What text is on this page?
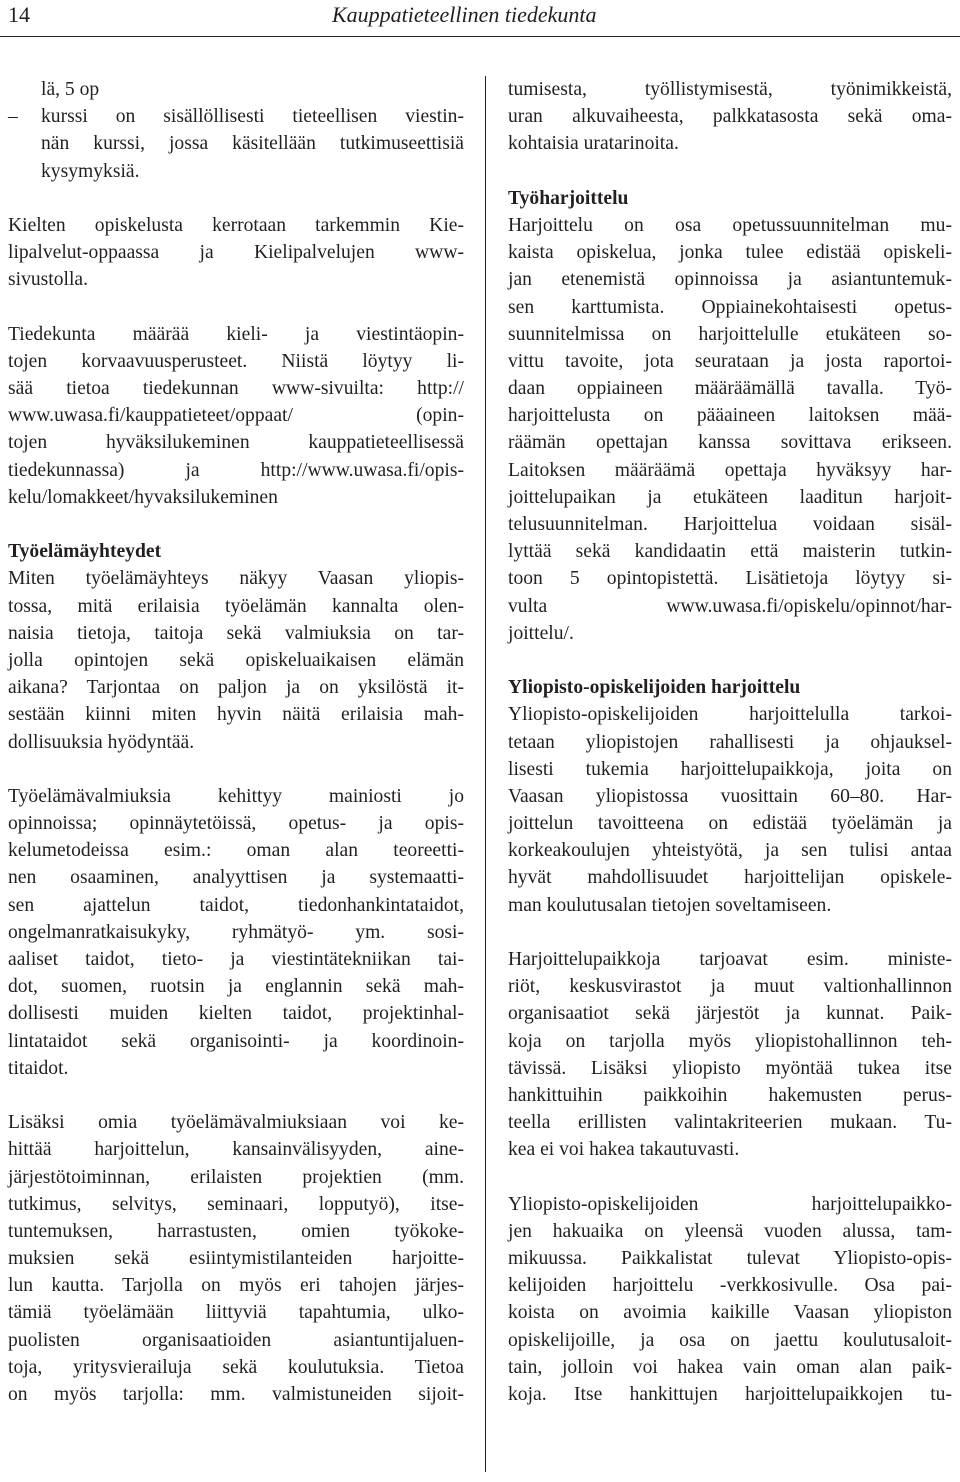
14	Kauppatieteellinen tiedekunta
lä, 5 op
– kurssi on sisällöllisesti tieteellisen viestin-
nän kurssi, jossa käsitellään tutkimuseettisiä
kysymyksiä.
Kielten opiskelusta kerrotaan tarkemmin Kie-
lipalvelut-oppaassa ja Kielipalvelujen www-
sivustolla.
Tiedekunta määrää kieli- ja viestintäopin-
tojen korvaavuusperusteet. Niistä löytyy li-
sää tietoa tiedekunnan www-sivuilta: http://
www.uwasa.fi/kauppatieteet/oppaat/ (opin-
tojen hyväksilukeminen kauppatieteellisessä
tiedekunnassa) ja http://www.uwasa.fi/opis-
kelu/lomakkeet/hyvaksilukeminen
Työelämäyhteydet
Miten työelämäyhteys näkyy Vaasan yliopis-
tossa, mitä erilaisia työelämän kannalta olen-
naisia tietoja, taitoja sekä valmiuksia on tar-
jolla opintojen sekä opiskeluaikaisen elämän
aikana? Tarjontaa on paljon ja on yksilöstä it-
sestään kiinni miten hyvin näitä erilaisia mah-
dollisuuksia hyödyntää.
Työelämävalmiuksia kehittyy mainiosti jo
opinnoissa; opinnäytetöissä, opetus- ja opis-
kelumetodeissa esim.: oman alan teoreetti-
nen osaaminen, analyyttisen ja systemaatti-
sen ajattelun taidot, tiedonhankintataidot,
ongelmanratkaisukyky, ryhmätyö- ym. sosi-
aaliset taidot, tieto- ja viestintätekniikan tai-
dot, suomen, ruotsin ja englannin sekä mah-
dollisesti muiden kielten taidot, projektinhal-
lintataidot sekä organisointi- ja koordinoin-
titaidot.
Lisäksi omia työelämävalmiuksiaan voi ke-
hittää harjoittelun, kansainvälisyyden, aine-
järjestötoiminnan, erilaisten projektien (mm.
tutkimus, selvitys, seminaari, lopputyö), itse-
tuntemuksen, harrastusten, omien työkoke-
muksien sekä esiintymistilanteiden harjoitte-
lun kautta. Tarjolla on myös eri tahojen järjes-
tämiä työelämään liittyviä tapahtumia, ulko-
puolisten organisaatioiden asiantuntijaluen-
toja, yritysvierailuja sekä koulutuksia. Tietoa
on myös tarjolla: mm. valmistuneiden sijoit-
tumisesta, työllistymisestä, työnimikkeistä,
uran alkuvaiheesta, palkkatasosta sekä oma-
kohtaisia uratarinoita.
Työharjoittelu
Harjoittelu on osa opetussuunnitelman mu-
kaista opiskelua, jonka tulee edistää opiskeli-
jan etenemistä opinnoissa ja asiantuntemuk-
sen karttumista. Oppiainekohtaisesti opetus-
suunnitelmissa on harjoittelulle etukäteen so-
vittu tavoite, jota seurataan ja josta raportoi-
daan oppiaineen määräämällä tavalla. Työ-
harjoittelusta on pääaineen laitoksen mää-
räämän opettajan kanssa sovittava erikseen.
Laitoksen määräämä opettaja hyväksyy har-
joittelupaikan ja etukäteen laaditun harjoit-
telusuunnitelman. Harjoittelua voidaan sisäl-
lyttää sekä kandidaatin että maisterin tutkin-
toon 5 opintopistettä. Lisätietoja löytyy si-
vulta www.uwasa.fi/opiskelu/opinnot/har-
joittelu/.
Yliopisto-opiskelijoiden harjoittelu
Yliopisto-opiskelijoiden harjoittelulla tarkoi-
tetaan yliopistojen rahallisesti ja ohjauksel-
lisesti tukemia harjoittelupaikkoja, joita on
Vaasan yliopistossa vuosittain 60–80. Har-
joittelun tavoitteena on edistää työelämän ja
korkeakoulujen yhteistyötä, ja sen tulisi antaa
hyvät mahdollisuudet harjoittelijan opiskele-
man koulutusalan tietojen soveltamiseen.
Harjoittelupaikkoja tarjoavat esim. ministe-
riöt, keskusvirastot ja muut valtionhallinnon
organisaatiot sekä järjestöt ja kunnat. Paik-
koja on tarjolla myös yliopistohallinnon teh-
tävissä. Lisäksi yliopisto myöntää tukea itse
hankittuihin paikkoihin hakemusten perus-
teella erillisten valintakriteerien mukaan. Tu-
kea ei voi hakea takautuvasti.
Yliopisto-opiskelijoiden harjoittelupaikko-
jen hakuaika on yleensä vuoden alussa, tam-
mikuussa. Paikkalistat tulevat Yliopisto-opis-
kelijoiden harjoittelu -verkkosivulle. Osa pai-
koista on avoimia kaikille Vaasan yliopiston
opiskelijoille, ja osa on jaettu koulutusaloit-
tain, jolloin voi hakea vain oman alan paik-
koja. Itse hankittujen harjoittelupaikkojen tu-
